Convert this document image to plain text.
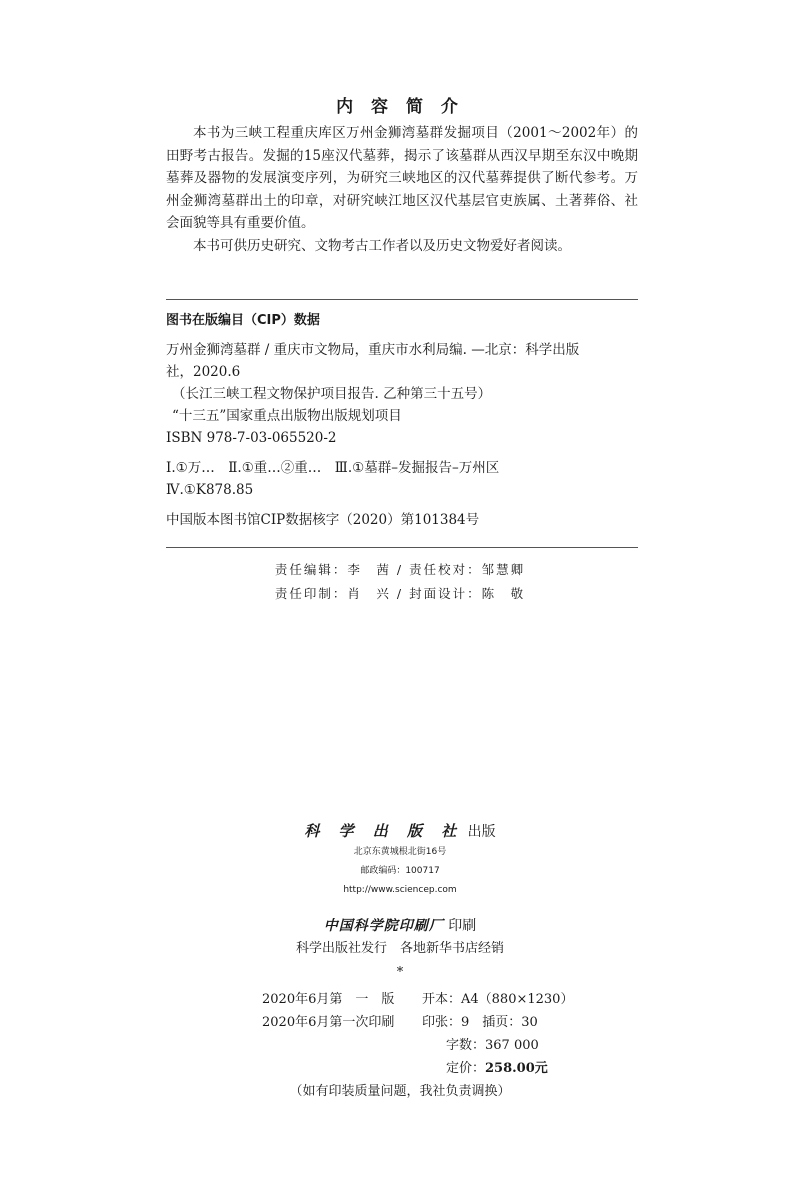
内 容 简 介

本书为三峡工程重庆库区万州金狮湾墓群发掘项目（2001～2002年）的田野考古报告。发掘的15座汉代墓葬，揭示了该墓群从西汉早期至东汉中晚期墓葬及器物的发展演变序列，为研究三峡地区的汉代墓葬提供了断代参考。万州金狮湾墓群出土的印章，对研究峡江地区汉代基层官吏族属、土著葬俗、社会面貌等具有重要价值。

本书可供历史研究、文物考古工作者以及历史文物爱好者阅读。

图书在版编目（CIP）数据
万州金狮湾墓群 / 重庆市文物局，重庆市水利局编. —北京：科学出版
社，2020.6
（长江三峡工程文物保护项目报告. 乙种第三十五号）
“十三五”国家重点出版物出版规划项目
ISBN 978-7-03-065520-2
Ⅰ.①万…　Ⅱ.①重…②重…　Ⅲ.①墓群–发掘报告–万州区
Ⅳ.①K878.85
中国版本图书馆CIP数据核字（2020）第101384号
责任编辑：李　茜 / 责任校对：邹慧卿
责任印制：肖　兴 / 封面设计：陈　敬
科 学 出 版 社 出版
北京东黄城根北街16号
邮政编码：100717
http://www.sciencep.com
中国科学院印刷厂 印刷
科学出版社发行　各地新华书店经销
*
2020年6月第　一　版 开本：A4（880×1230）
2020年6月第一次印刷 印张：9　插页：30
字数：367 000
定价：258.00元
（如有印装质量问题，我社负责调换）
